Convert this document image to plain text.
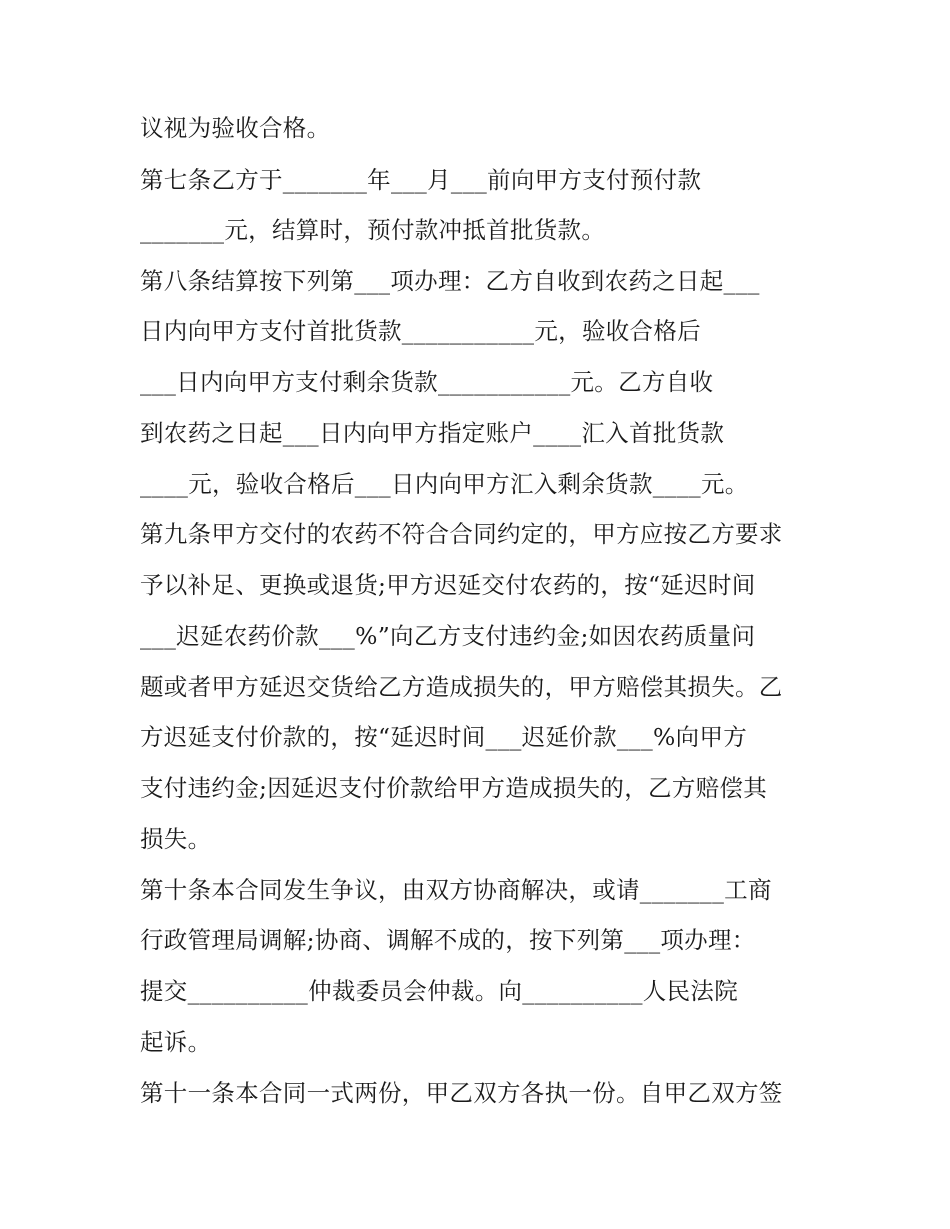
议视为验收合格。
第七条乙方于_______年___月___前向甲方支付预付款
_______元，结算时，预付款冲抵首批货款。
第八条结算按下列第___项办理：乙方自收到农药之日起___
日内向甲方支付首批货款___________元，验收合格后
___日内向甲方支付剩余货款___________元。乙方自收
到农药之日起___日内向甲方指定账户____汇入首批货款
____元，验收合格后___日内向甲方汇入剩余货款____元。
第九条甲方交付的农药不符合合同约定的，甲方应按乙方要求
予以补足、更换或退货;甲方迟延交付农药的，按“延迟时间
___迟延农药价款___%”向乙方支付违约金;如因农药质量问
题或者甲方延迟交货给乙方造成损失的，甲方赔偿其损失。乙
方迟延支付价款的，按“延迟时间___迟延价款___%向甲方
支付违约金;因延迟支付价款给甲方造成损失的，乙方赔偿其
损失。
第十条本合同发生争议，由双方协商解决，或请_______工商
行政管理局调解;协商、调解不成的，按下列第___项办理：
提交__________仲裁委员会仲裁。向__________人民法院
起诉。
第十一条本合同一式两份，甲乙双方各执一份。自甲乙双方签
